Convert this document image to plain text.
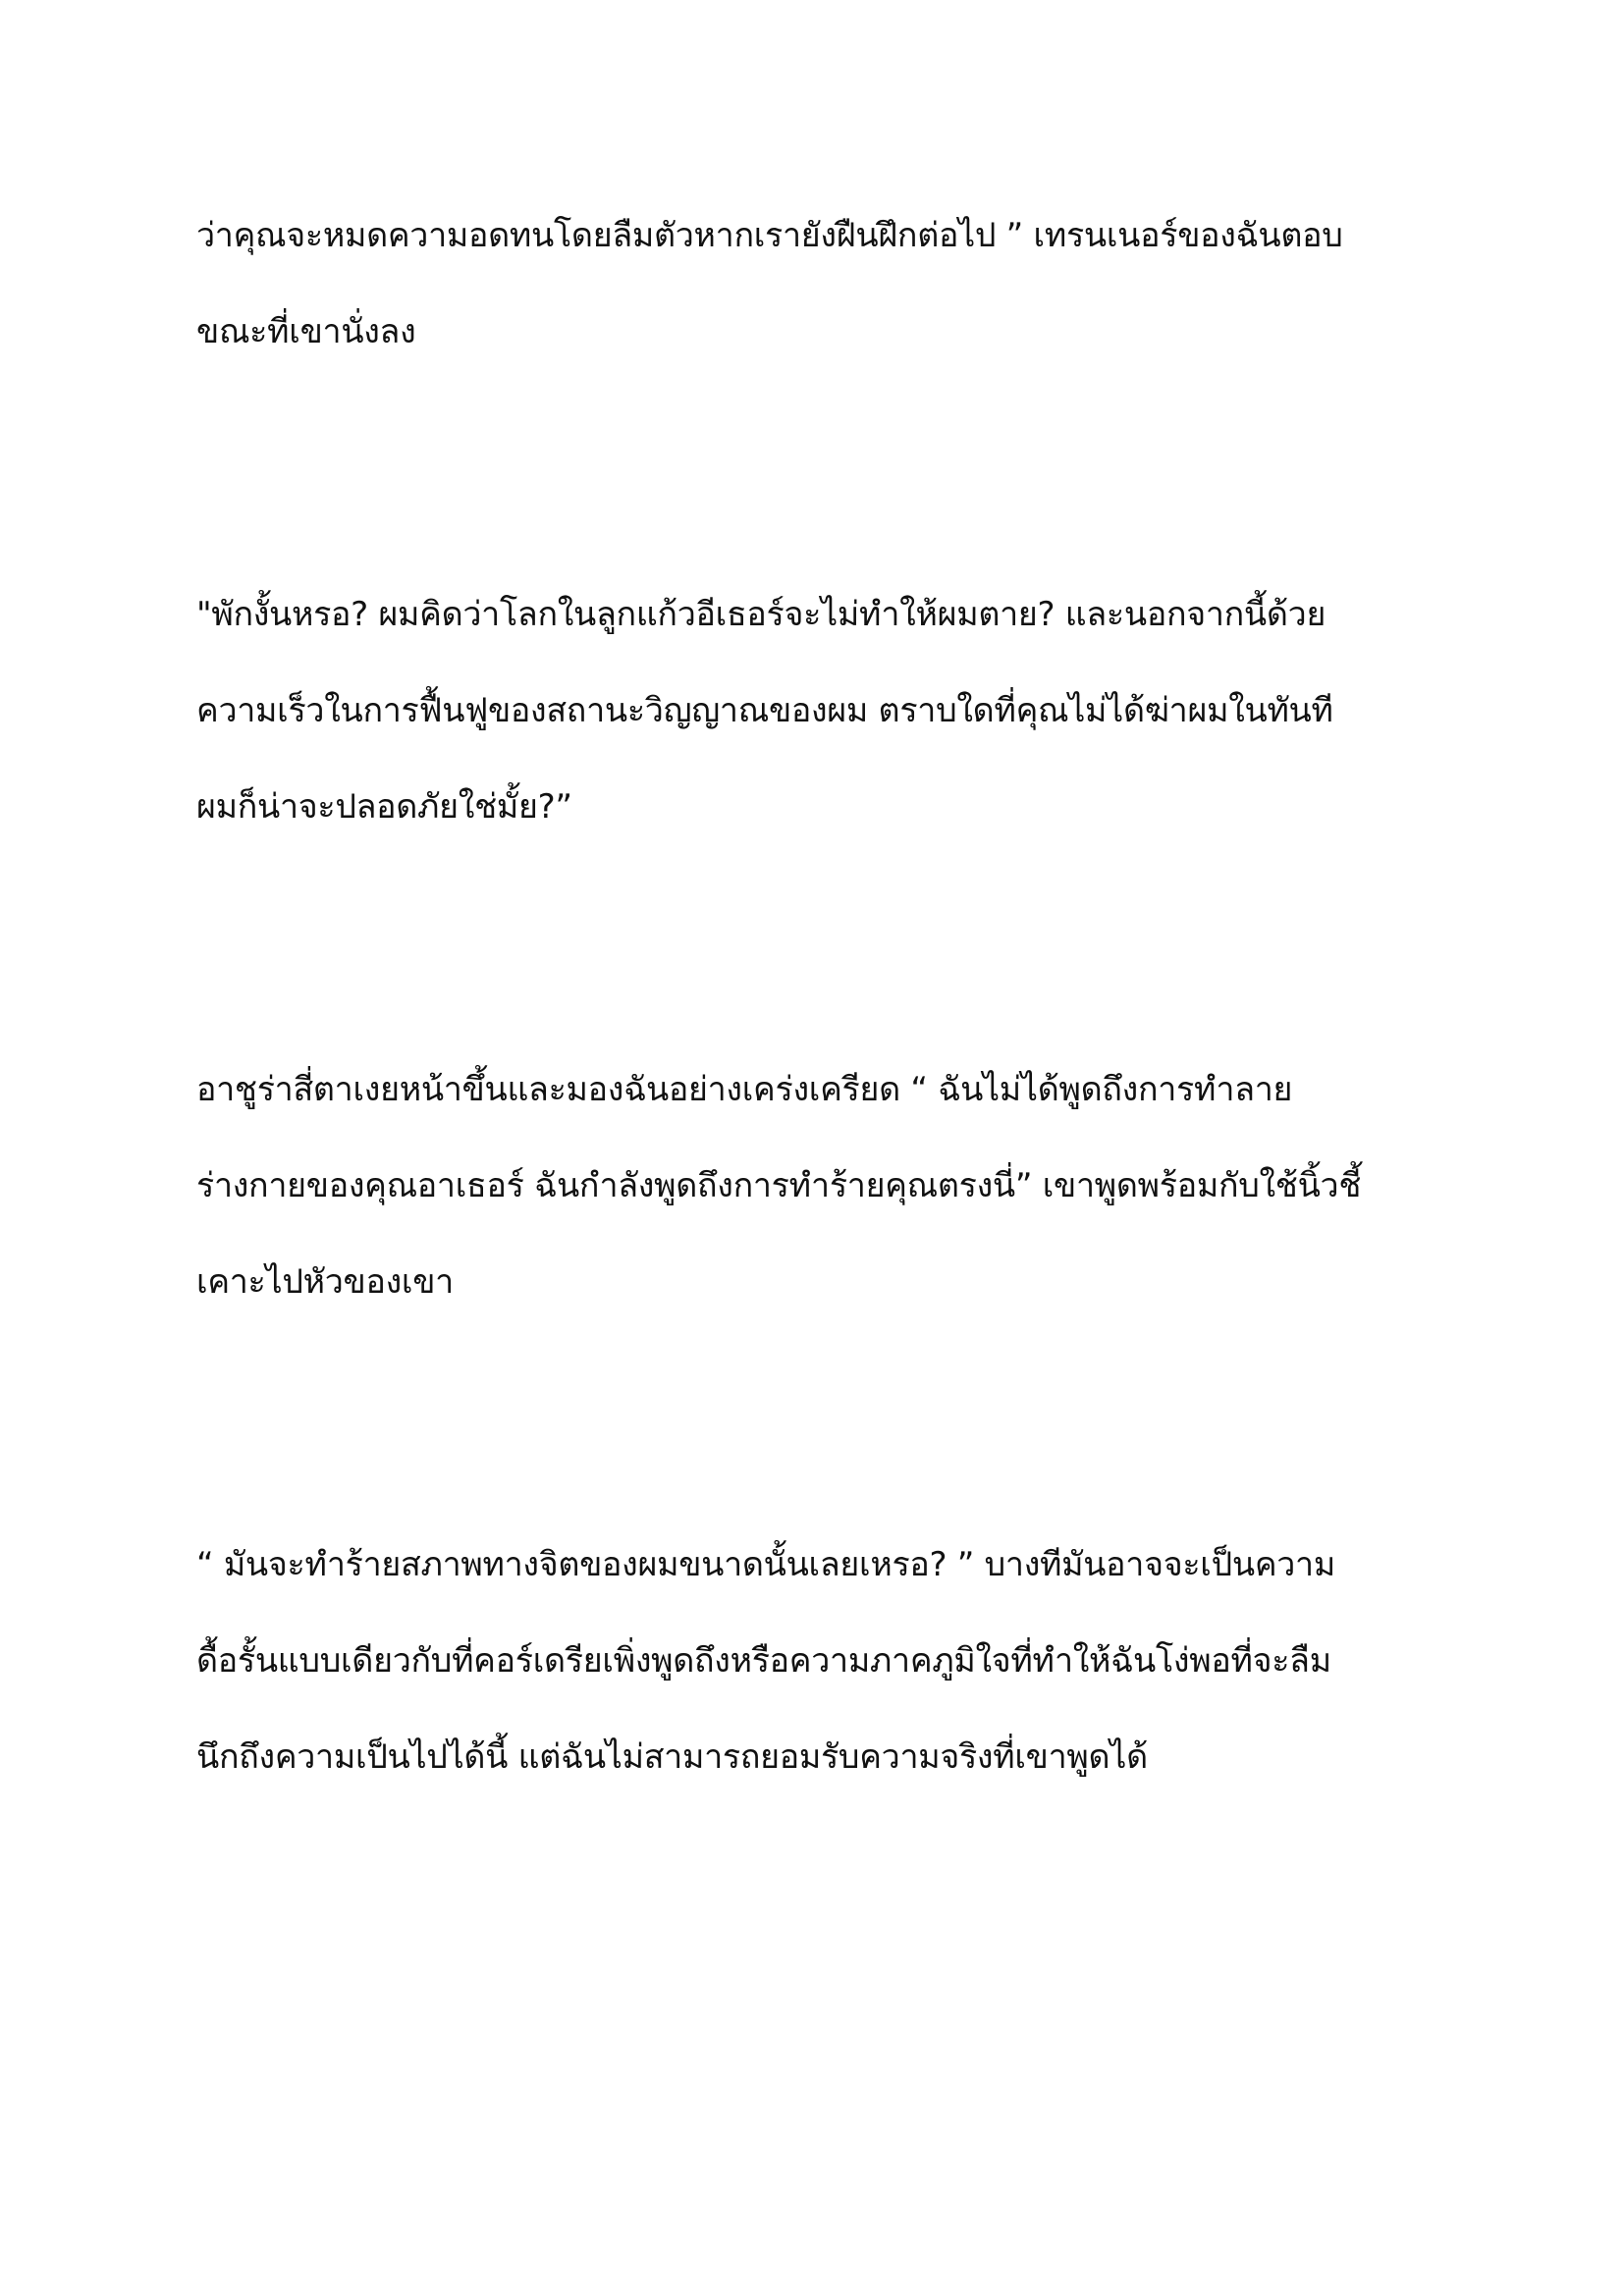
ว่าคุณจะหมดความอดทนโดยลืมตัวหากเรายังฝืนฝึกต่อไป ” เทรนเนอร์ของฉันตอบ
ขณะที่เขานั่งลง

"พักงั้นหรอ? ผมคิดว่าโลกในลูกแก้วอีเธอร์จะไม่ทำให้ผมตาย? และนอกจากนี้ด้วย
ความเร็วในการฟื้นฟูของสถานะวิญญาณของผม ตราบใดที่คุณไม่ได้ฆ่าผมในทันที
ผมก็น่าจะปลอดภัยใช่มั้ย?”

อาชูร่าสี่ตาเงยหน้าขึ้นและมองฉันอย่างเคร่งเครียด “ ฉันไม่ได้พูดถึงการทำลาย
ร่างกายของคุณอาเธอร์ ฉันกำลังพูดถึงการทำร้ายคุณตรงนี่” เขาพูดพร้อมกับใช้นิ้วชี้
เคาะไปหัวของเขา

“ มันจะทำร้ายสภาพทางจิตของผมขนาดนั้นเลยเหรอ? ” บางทีมันอาจจะเป็นความ
ดื้อรั้นแบบเดียวกับที่คอร์เดรียเพิ่งพูดถึงหรือความภาคภูมิใจที่ทำให้ฉันโง่พอที่จะลืม
นึกถึงความเป็นไปได้นี้ แต่ฉันไม่สามารถยอมรับความจริงที่เขาพูดได้
